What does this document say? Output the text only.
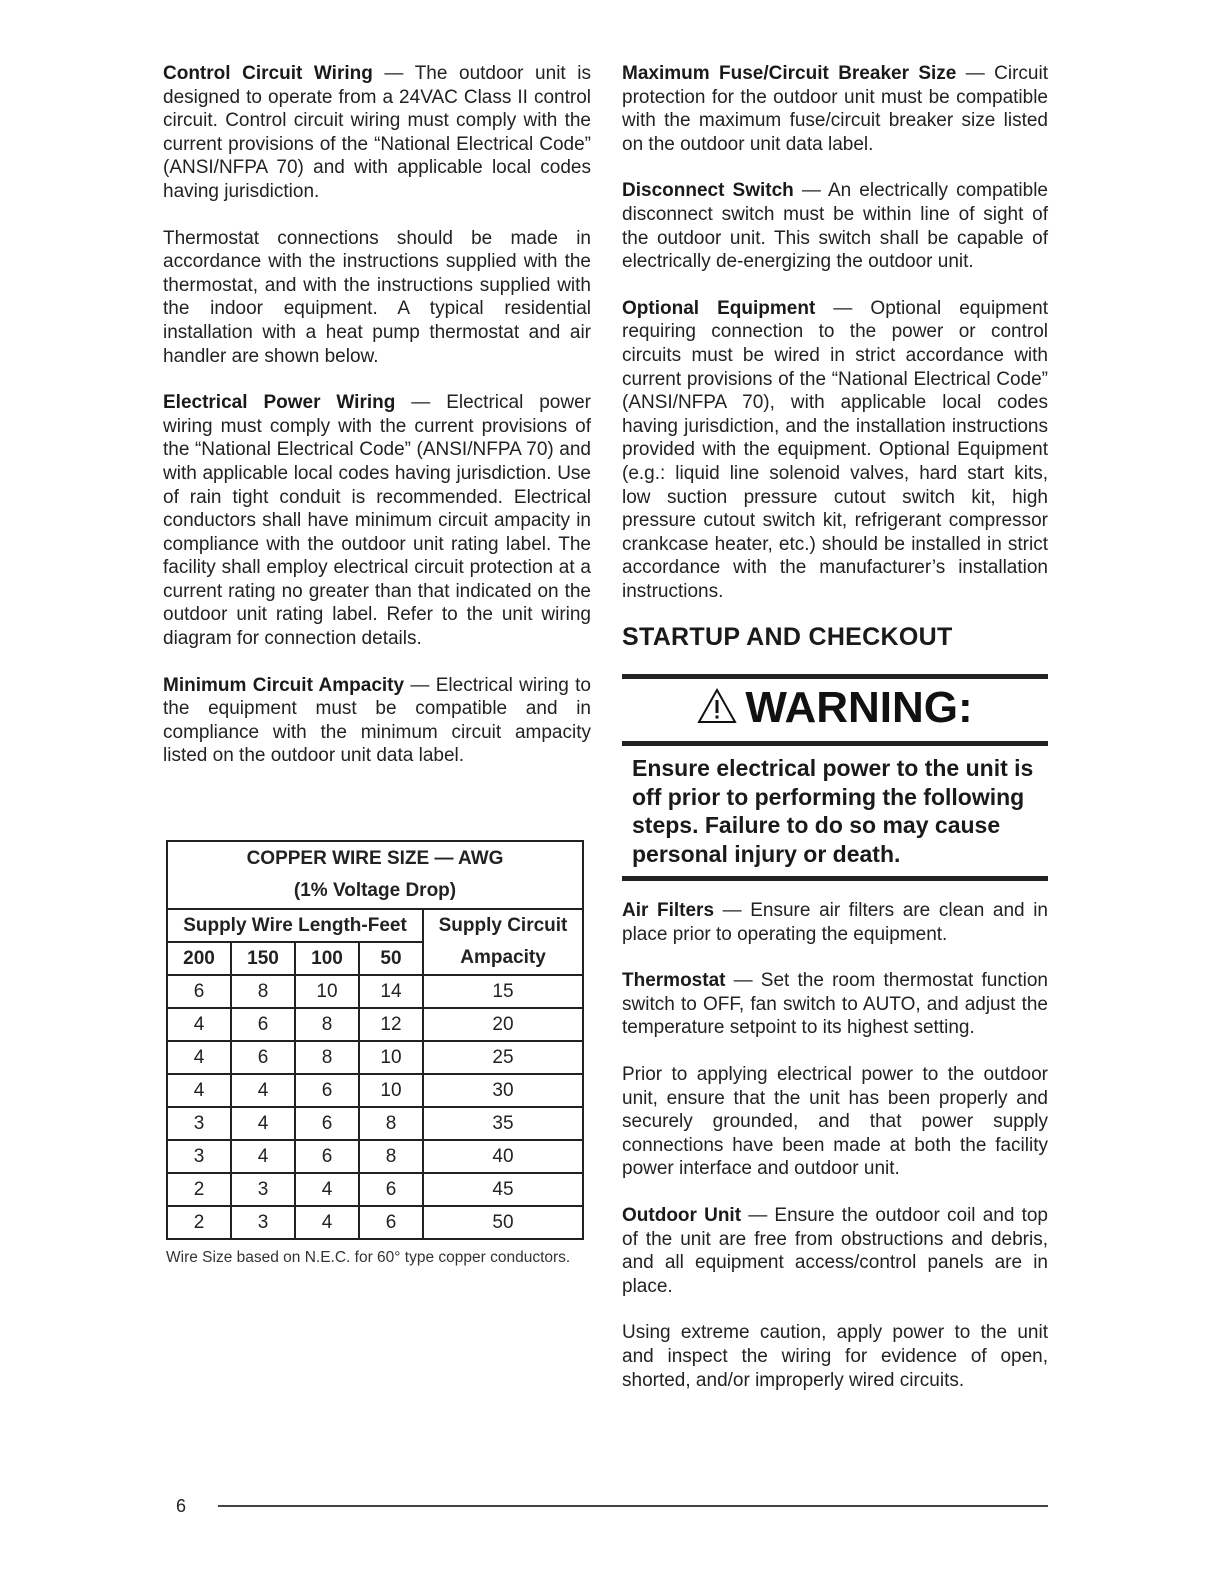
Control Circuit Wiring — The outdoor unit is designed to operate from a 24VAC Class II control circuit. Control circuit wiring must comply with the current provisions of the “National Electrical Code” (ANSI/NFPA 70) and with applicable local codes having jurisdiction.

Thermostat connections should be made in accordance with the instructions supplied with the thermostat, and with the instructions supplied with the indoor equipment. A typical residential installation with a heat pump thermostat and air handler are shown below.

Electrical Power Wiring — Electrical power wiring must comply with the current provisions of the “National Electrical Code” (ANSI/NFPA 70) and with applicable local codes having jurisdiction. Use of rain tight conduit is recommended. Electrical conductors shall have minimum circuit ampacity in compliance with the outdoor unit rating label. The facility shall employ electrical circuit protection at a current rating no greater than that indicated on the outdoor unit rating label. Refer to the unit wiring diagram for connection details.

Minimum Circuit Ampacity — Electrical wiring to the equipment must be compatible and in compliance with the minimum circuit ampacity listed on the outdoor unit data label.

COPPER WIRE SIZE — AWG
(1% Voltage Drop)				

Supply Wire Length-Feet				Supply Circuit
Ampacity

200	150	100	50	
6	8	10	14	15
4	6	8	12	20
4	6	8	10	25
4	4	6	10	30
3	4	6	8	35
3	4	6	8	40
2	3	4	6	45
2	3	4	6	50
Wire Size based on N.E.C. for 60° type copper conductors.

Maximum Fuse/Circuit Breaker Size — Circuit protection for the outdoor unit must be compatible with the maximum fuse/circuit breaker size listed on the outdoor unit data label.

Disconnect Switch — An electrically compatible disconnect switch must be within line of sight of the outdoor unit. This switch shall be capable of electrically de-energizing the outdoor unit.

Optional Equipment — Optional equipment requiring connection to the power or control circuits must be wired in strict accordance with current provisions of the “National Electrical Code” (ANSI/NFPA 70), with applicable local codes having jurisdiction, and the installation instructions provided with the equipment. Optional Equipment (e.g.: liquid line solenoid valves, hard start kits, low suction pressure cutout switch kit, high pressure cutout switch kit, refrigerant compressor crankcase heater, etc.) should be installed in strict accordance with the manufacturer’s installation instructions.

STARTUP AND CHECKOUT
WARNING:
Ensure electrical power to the unit is off prior to performing the following steps. Failure to do so may cause personal injury or death.

Air Filters — Ensure air filters are clean and in place prior to operating the equipment.

Thermostat — Set the room thermostat function switch to OFF, fan switch to AUTO, and adjust the temperature setpoint to its highest setting.

Prior to applying electrical power to the outdoor unit, ensure that the unit has been properly and securely grounded, and that power supply connections have been made at both the facility power interface and outdoor unit.

Outdoor Unit — Ensure the outdoor coil and top of the unit are free from obstructions and debris, and all equipment access/control panels are in place.

Using extreme caution, apply power to the unit and inspect the wiring for evidence of open, shorted, and/or improperly wired circuits.

6
